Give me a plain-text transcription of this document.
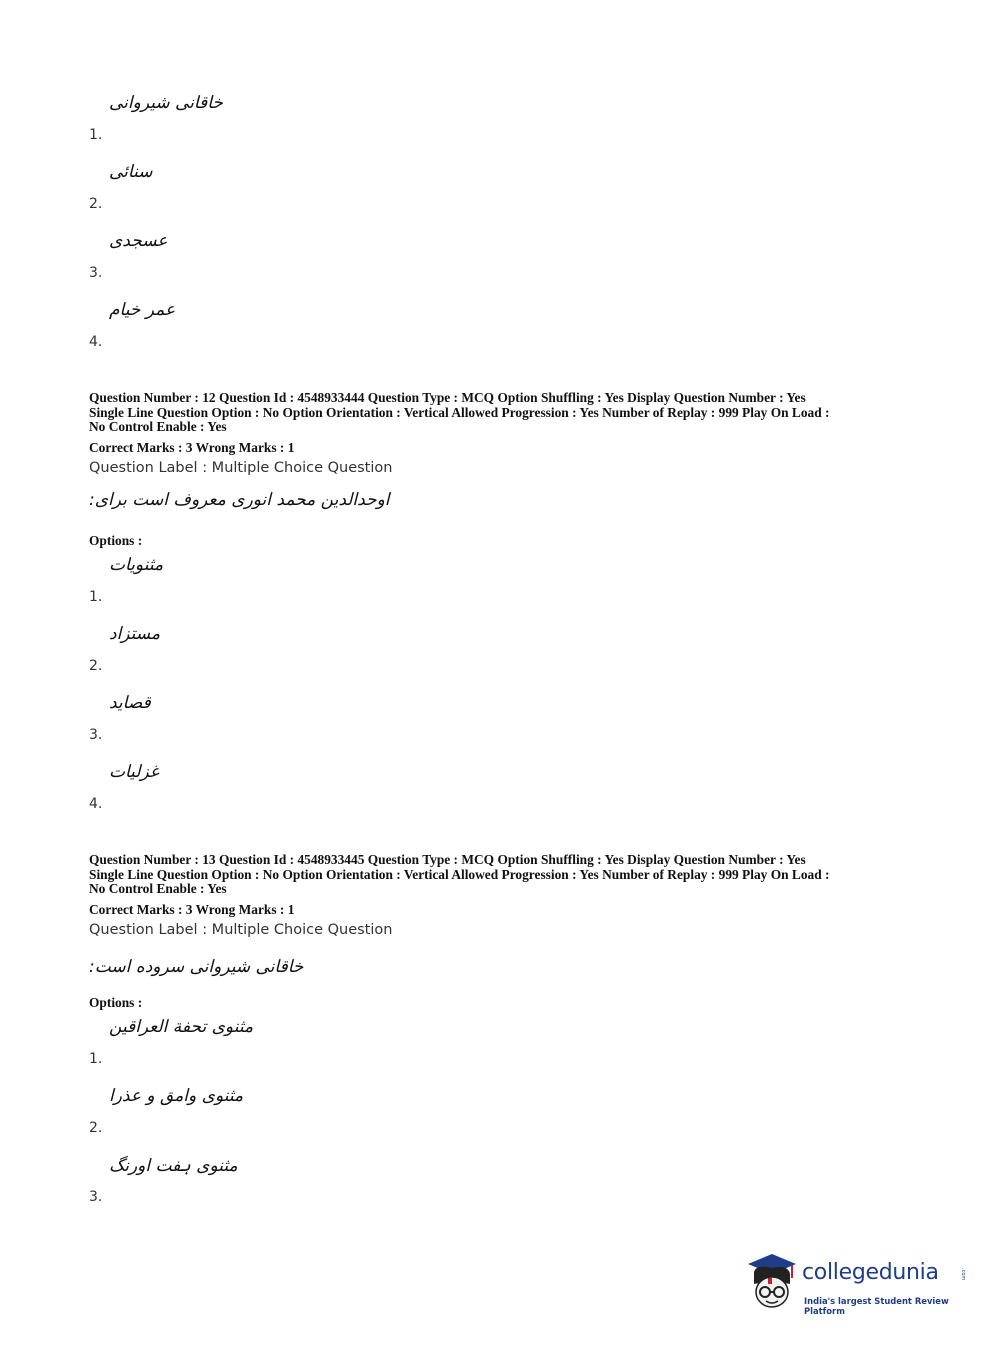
1.
خاقانی شیروانی
2.
سنائی
3.
عسجدی
4.
عمر خیام
Question Number : 12 Question Id : 4548933444 Question Type : MCQ Option Shuffling : Yes Display Question Number : Yes
Single Line Question Option : No Option Orientation : Vertical Allowed Progression : Yes Number of Replay : 999 Play On Load :
No Control Enable : Yes
Correct Marks : 3 Wrong Marks : 1
Question Label : Multiple Choice Question
اوحدالدین محمد انوری معروف است برای:
Options :
1.
مثنویات
2.
مستزاد
3.
قصاید
4.
غزلیات
Question Number : 13 Question Id : 4548933445 Question Type : MCQ Option Shuffling : Yes Display Question Number : Yes
Single Line Question Option : No Option Orientation : Vertical Allowed Progression : Yes Number of Replay : 999 Play On Load :
No Control Enable : Yes
Correct Marks : 3 Wrong Marks : 1
Question Label : Multiple Choice Question
خاقانی شیروانی سروده است:
Options :
1.
مثنوی تحفة العراقین
2.
مثنوی وامق و عذرا
3.
مثنوی ہفت اورنگ
collegedunia	.com
India's largest Student Review Platform
